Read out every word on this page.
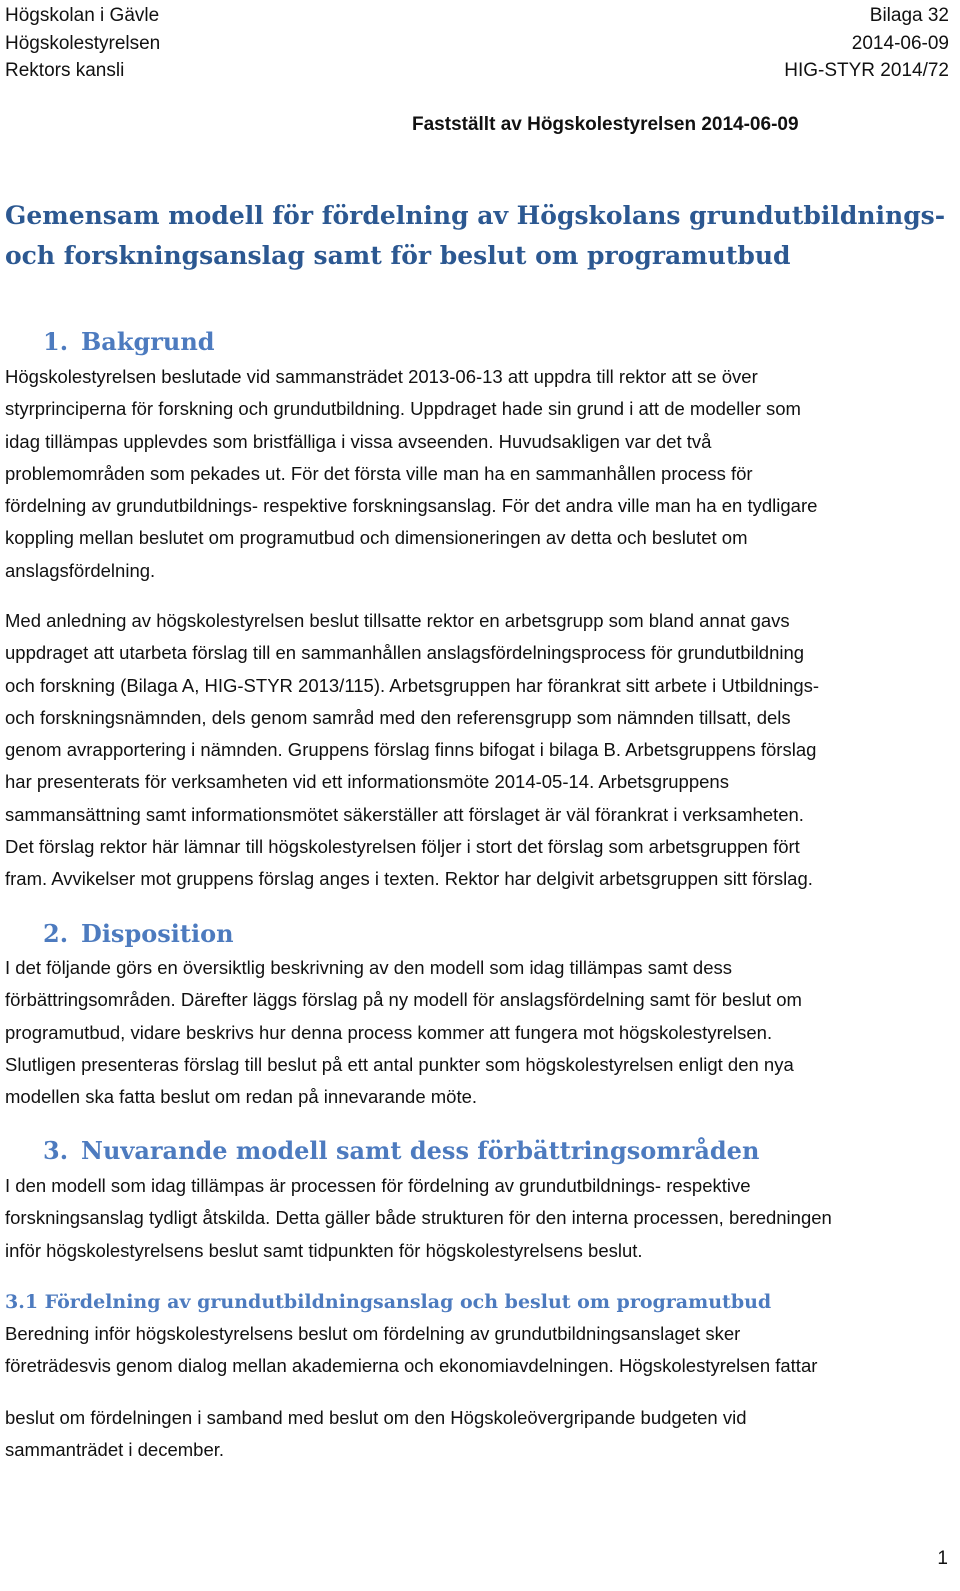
Högskolan i Gävle
Högskolestyrelsen
Rektors kansli
Bilaga 32
2014-06-09
HIG-STYR 2014/72
Fastställt av Högskolestyrelsen 2014-06-09
Gemensam modell för fördelning av Högskolans grundutbildnings-
och forskningsanslag samt för beslut om programutbud
1. Bakgrund
Högskolestyrelsen beslutade vid sammansträdet 2013-06-13 att uppdra till rektor att se över
styrprinciperna för forskning och grundutbildning. Uppdraget hade sin grund i att de modeller som
idag tillämpas upplevdes som bristfälliga i vissa avseenden. Huvudsakligen var det två
problemområden som pekades ut. För det första ville man ha en sammanhållen process för
fördelning av grundutbildnings- respektive forskningsanslag. För det andra ville man ha en tydligare
koppling mellan beslutet om programutbud och dimensioneringen av detta och beslutet om
anslagsfördelning.
Med anledning av högskolestyrelsen beslut tillsatte rektor en arbetsgrupp som bland annat gavs
uppdraget att utarbeta förslag till en sammanhållen anslagsfördelningsprocess för grundutbildning
och forskning (Bilaga A, HIG-STYR 2013/115). Arbetsgruppen har förankrat sitt arbete i Utbildnings-
och forskningsnämnden, dels genom samråd med den referensgrupp som nämnden tillsatt, dels
genom avrapportering i nämnden. Gruppens förslag finns bifogat i bilaga B. Arbetsgruppens förslag
har presenterats för verksamheten vid ett informationsmöte 2014-05-14. Arbetsgruppens
sammansättning samt informationsmötet säkerställer att förslaget är väl förankrat i verksamheten.
Det förslag rektor här lämnar till högskolestyrelsen följer i stort det förslag som arbetsgruppen fört
fram. Avvikelser mot gruppens förslag anges i texten. Rektor har delgivit arbetsgruppen sitt förslag.
2. Disposition
I det följande görs en översiktlig beskrivning av den modell som idag tillämpas samt dess
förbättringsområden. Därefter läggs förslag på ny modell för anslagsfördelning samt för beslut om
programutbud, vidare beskrivs hur denna process kommer att fungera mot högskolestyrelsen.
Slutligen presenteras förslag till beslut på ett antal punkter som högskolestyrelsen enligt den nya
modellen ska fatta beslut om redan på innevarande möte.
3. Nuvarande modell samt dess förbättringsområden
I den modell som idag tillämpas är processen för fördelning av grundutbildnings- respektive
forskningsanslag tydligt åtskilda. Detta gäller både strukturen för den interna processen, beredningen
inför högskolestyrelsens beslut samt tidpunkten för högskolestyrelsens beslut.
3.1 Fördelning av grundutbildningsanslag och beslut om programutbud
Beredning inför högskolestyrelsens beslut om fördelning av grundutbildningsanslaget sker
företrädesvis genom dialog mellan akademierna och ekonomiavdelningen. Högskolestyrelsen fattar
beslut om fördelningen i samband med beslut om den Högskoleövergripande budgeten vid
sammanträdet i december.
1
